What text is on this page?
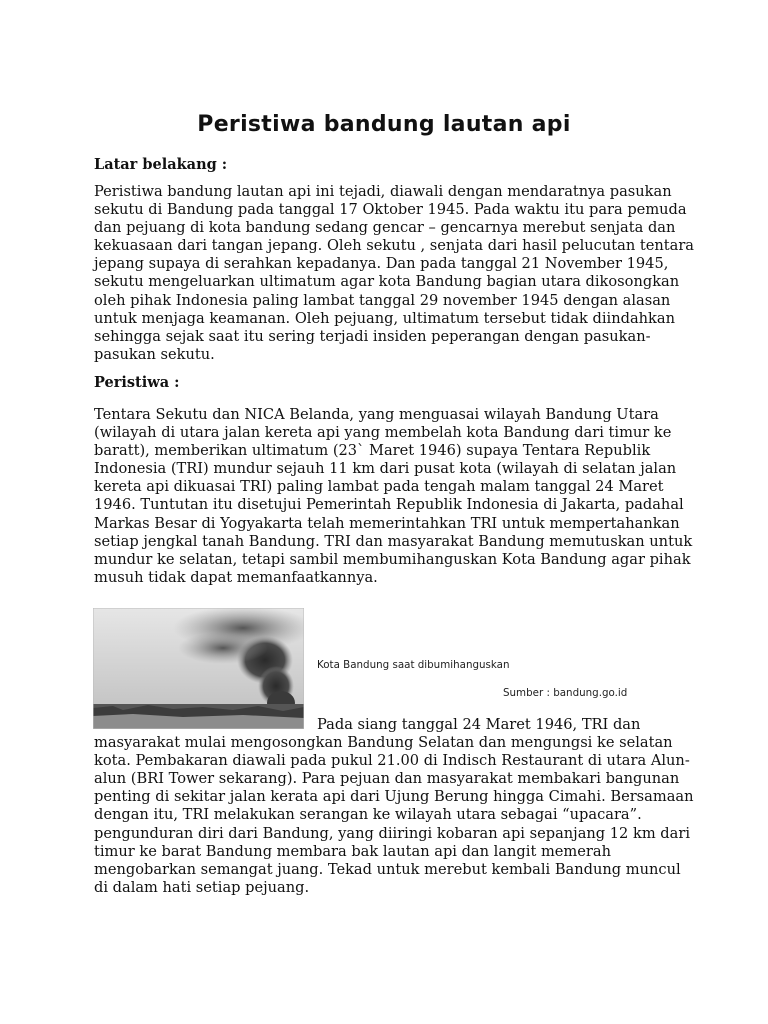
Peristiwa bandung lautan api

Latar belakang :

Peristiwa bandung lautan api ini tejadi, diawali dengan mendaratnya pasukan
sekutu di Bandung pada tanggal 17 Oktober 1945. Pada waktu itu para pemuda
dan pejuang di kota bandung sedang gencar – gencarnya merebut senjata dan
kekuasaan dari tangan jepang. Oleh sekutu , senjata dari hasil pelucutan tentara
jepang supaya di serahkan kepadanya. Dan pada tanggal 21 November 1945,
sekutu mengeluarkan ultimatum agar kota Bandung bagian utara dikosongkan
oleh pihak Indonesia paling lambat tanggal 29 november 1945 dengan alasan
untuk menjaga keamanan. Oleh pejuang, ultimatum tersebut tidak diindahkan
sehingga sejak saat itu sering terjadi insiden peperangan dengan pasukan-
pasukan sekutu.

Peristiwa :

Tentara Sekutu dan NICA Belanda, yang menguasai wilayah Bandung Utara
(wilayah di utara jalan kereta api yang membelah kota Bandung dari timur ke
baratt), memberikan ultimatum (23` Maret 1946) supaya Tentara Republik
Indonesia (TRI) mundur sejauh 11 km dari pusat kota (wilayah di selatan jalan
kereta api dikuasai TRI) paling lambat pada tengah malam tanggal 24 Maret
1946. Tuntutan itu disetujui Pemerintah Republik Indonesia di Jakarta, padahal
Markas Besar di Yogyakarta telah memerintahkan TRI untuk mempertahankan
setiap jengkal tanah Bandung. TRI dan masyarakat Bandung memutuskan untuk
mundur ke selatan, tetapi sambil membumihanguskan Kota Bandung agar pihak
musuh tidak dapat memanfaatkannya.

Kota Bandung saat dibumihanguskan

Sumber : bandung.go.id

Pada siang tanggal 24 Maret 1946, TRI dan
masyarakat mulai mengosongkan Bandung Selatan dan mengungsi ke selatan
kota. Pembakaran diawali pada pukul 21.00 di Indisch Restaurant di utara Alun-
alun (BRI Tower sekarang). Para pejuan dan masyarakat membakari bangunan
penting di sekitar jalan kerata api dari Ujung Berung hingga Cimahi. Bersamaan
dengan itu, TRI melakukan serangan ke wilayah utara sebagai “upacara”.
pengunduran diri dari Bandung, yang diiringi kobaran api sepanjang 12 km dari
timur ke barat Bandung membara bak lautan api dan langit memerah
mengobarkan semangat juang. Tekad untuk merebut kembali Bandung muncul
di dalam hati setiap pejuang.
